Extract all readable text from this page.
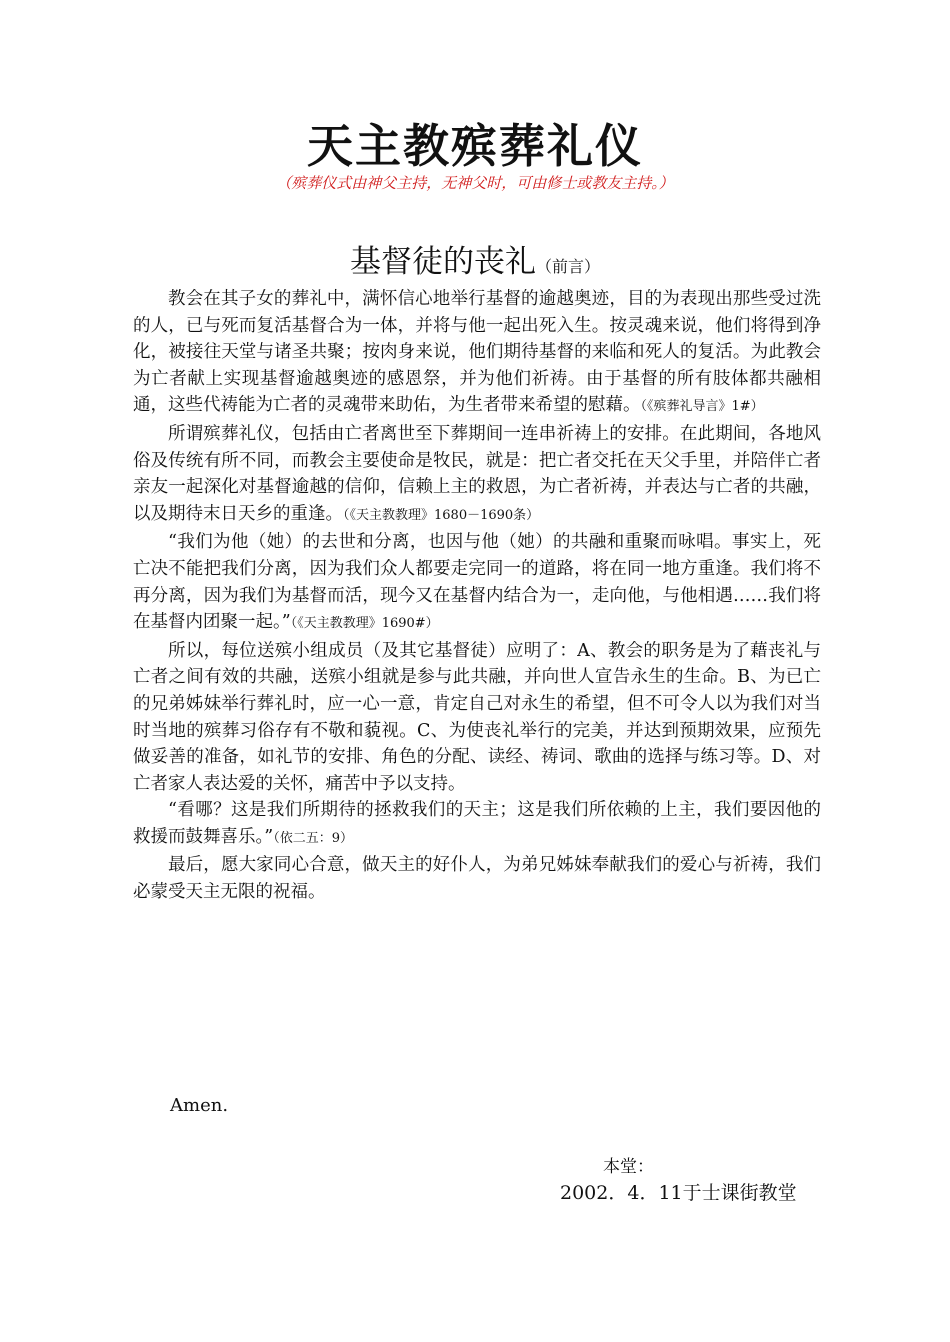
天主教殡葬礼仪
（殡葬仪式由神父主持，无神父时，可由修士或教友主持。）
基督徒的丧礼（前言）

教会在其子女的葬礼中，满怀信心地举行基督的逾越奥迹，目的为表现出那些受过洗的人，已与死而复活基督合为一体，并将与他一起出死入生。按灵魂来说，他们将得到净化，被接往天堂与诸圣共聚；按肉身来说，他们期待基督的来临和死人的复活。为此教会为亡者献上实现基督逾越奥迹的感恩祭，并为他们祈祷。由于基督的所有肢体都共融相通，这些代祷能为亡者的灵魂带来助佑，为生者带来希望的慰藉。（《殡葬礼导言》1#）

所谓殡葬礼仪，包括由亡者离世至下葬期间一连串祈祷上的安排。在此期间，各地风俗及传统有所不同，而教会主要使命是牧民，就是：把亡者交托在天父手里，并陪伴亡者亲友一起深化对基督逾越的信仰，信赖上主的救恩，为亡者祈祷，并表达与亡者的共融，以及期待末日天乡的重逢。（《天主教教理》1680－1690条）

“我们为他（她）的去世和分离，也因与他（她）的共融和重聚而咏唱。事实上，死亡决不能把我们分离，因为我们众人都要走完同一的道路，将在同一地方重逢。我们将不再分离，因为我们为基督而活，现今又在基督内结合为一，走向他，与他相遇……我们将在基督内团聚一起。”（《天主教教理》1690#）

所以，每位送殡小组成员（及其它基督徒）应明了：A、教会的职务是为了藉丧礼与亡者之间有效的共融，送殡小组就是参与此共融，并向世人宣告永生的生命。B、为已亡的兄弟姊妹举行葬礼时，应一心一意，肯定自己对永生的希望，但不可令人以为我们对当时当地的殡葬习俗存有不敬和藐视。C、为使丧礼举行的完美，并达到预期效果，应预先做妥善的准备，如礼节的安排、角色的分配、读经、祷词、歌曲的选择与练习等。D、对亡者家人表达爱的关怀，痛苦中予以支持。

“看哪？这是我们所期待的拯救我们的天主；这是我们所依赖的上主，我们要因他的救援而鼓舞喜乐。”（依二五：9）

最后，愿大家同心合意，做天主的好仆人，为弟兄姊妹奉献我们的爱心与祈祷，我们必蒙受天主无限的祝福。

Amen.
本堂：
2002．4．11于士课街教堂
